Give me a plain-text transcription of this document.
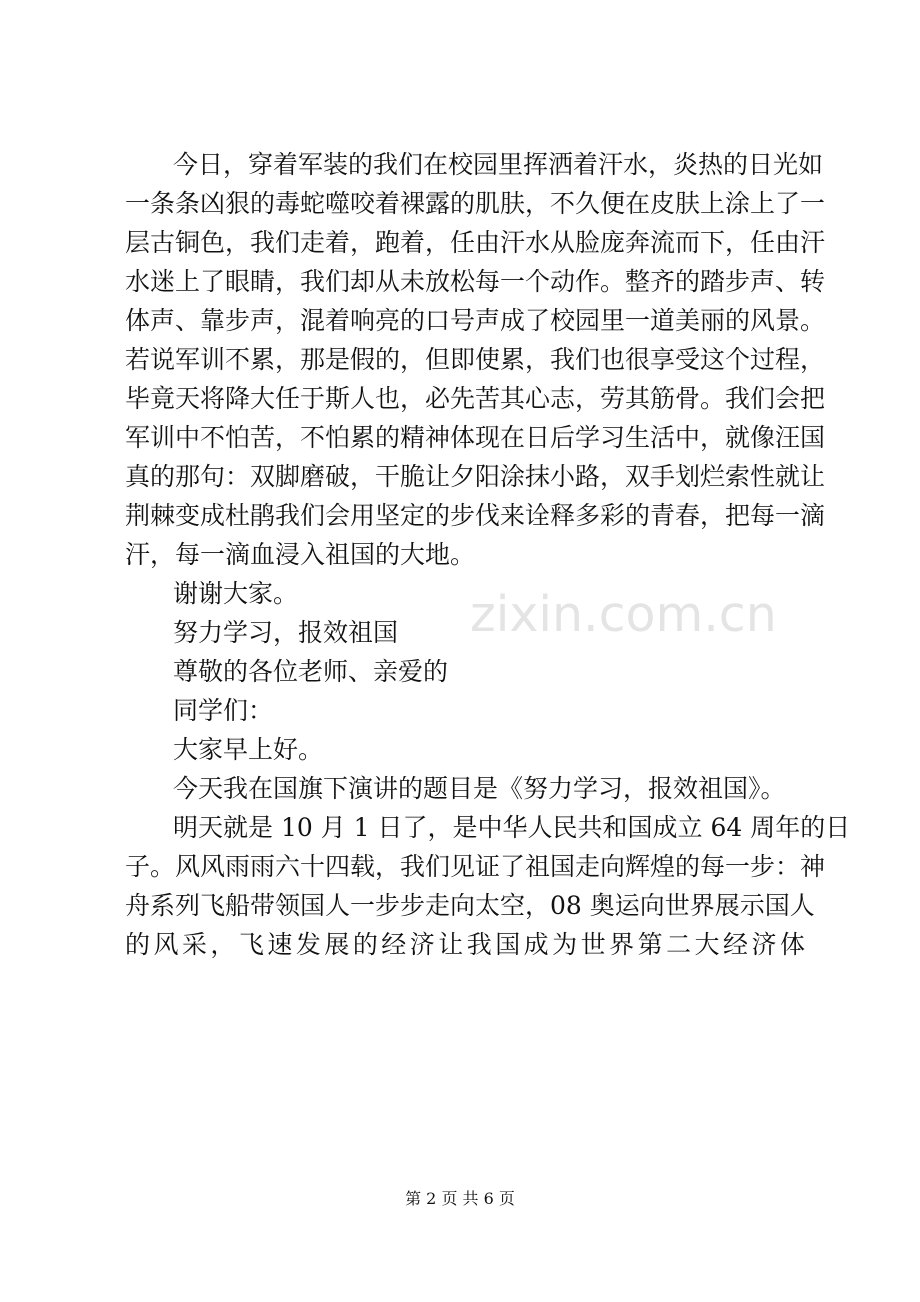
今日，穿着军装的我们在校园里挥洒着汗水，炎热的日光如
一条条凶狠的毒蛇噬咬着裸露的肌肤，不久便在皮肤上涂上了一
层古铜色，我们走着，跑着，任由汗水从脸庞奔流而下，任由汗
水迷上了眼睛，我们却从未放松每一个动作。整齐的踏步声、转
体声、靠步声，混着响亮的口号声成了校园里一道美丽的风景。
若说军训不累，那是假的，但即使累，我们也很享受这个过程，
毕竟天将降大任于斯人也，必先苦其心志，劳其筋骨。我们会把
军训中不怕苦，不怕累的精神体现在日后学习生活中，就像汪国
真的那句：双脚磨破，干脆让夕阳涂抹小路，双手划烂索性就让
荆棘变成杜鹃我们会用坚定的步伐来诠释多彩的青春，把每一滴
汗，每一滴血浸入祖国的大地。
谢谢大家。
努力学习，报效祖国
尊敬的各位老师、亲爱的
同学们：
大家早上好。
今天我在国旗下演讲的题目是《努力学习，报效祖国》。
明天就是 10 月 1 日了，是中华人民共和国成立 64 周年的日
子。风风雨雨六十四载，我们见证了祖国走向辉煌的每一步：神
舟系列飞船带领国人一步步走向太空，08 奥运向世界展示国人
的风采，飞速发展的经济让我国成为世界第二大经济体
zixin.com.cn
第 2 页 共 6 页
